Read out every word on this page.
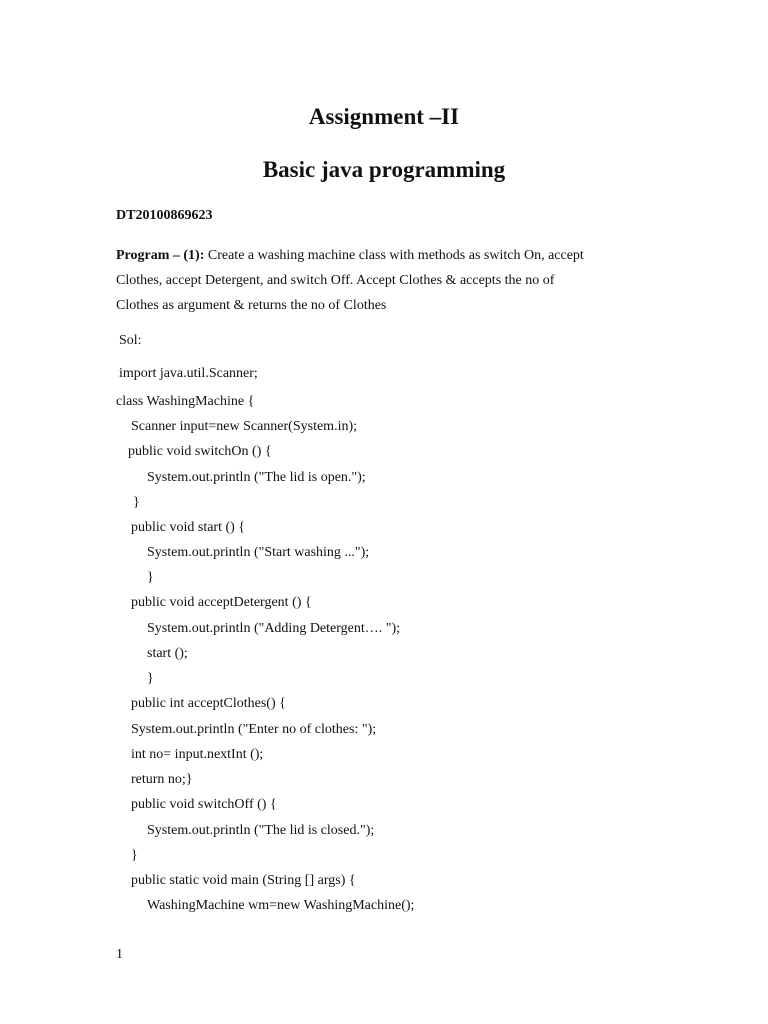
Assignment –II
Basic java programming
DT20100869623
Program – (1): Create a washing machine class with methods as switch On, accept
Clothes, accept Detergent, and switch Off. Accept Clothes & accepts the no of
Clothes as argument & returns the no of Clothes
Sol:
import java.util.Scanner;
class WashingMachine {
Scanner input=new Scanner(System.in);
public void switchOn () {
System.out.println ("The lid is open.");
}
public void start () {
System.out.println ("Start washing ...");
}
public void acceptDetergent () {
System.out.println ("Adding Detergent…. ");
start ();
}
public int acceptClothes() {
System.out.println ("Enter no of clothes: ");
int no= input.nextInt ();
return no;}
public void switchOff () {
System.out.println ("The lid is closed.");
}
public static void main (String [] args) {
WashingMachine wm=new WashingMachine();
1
